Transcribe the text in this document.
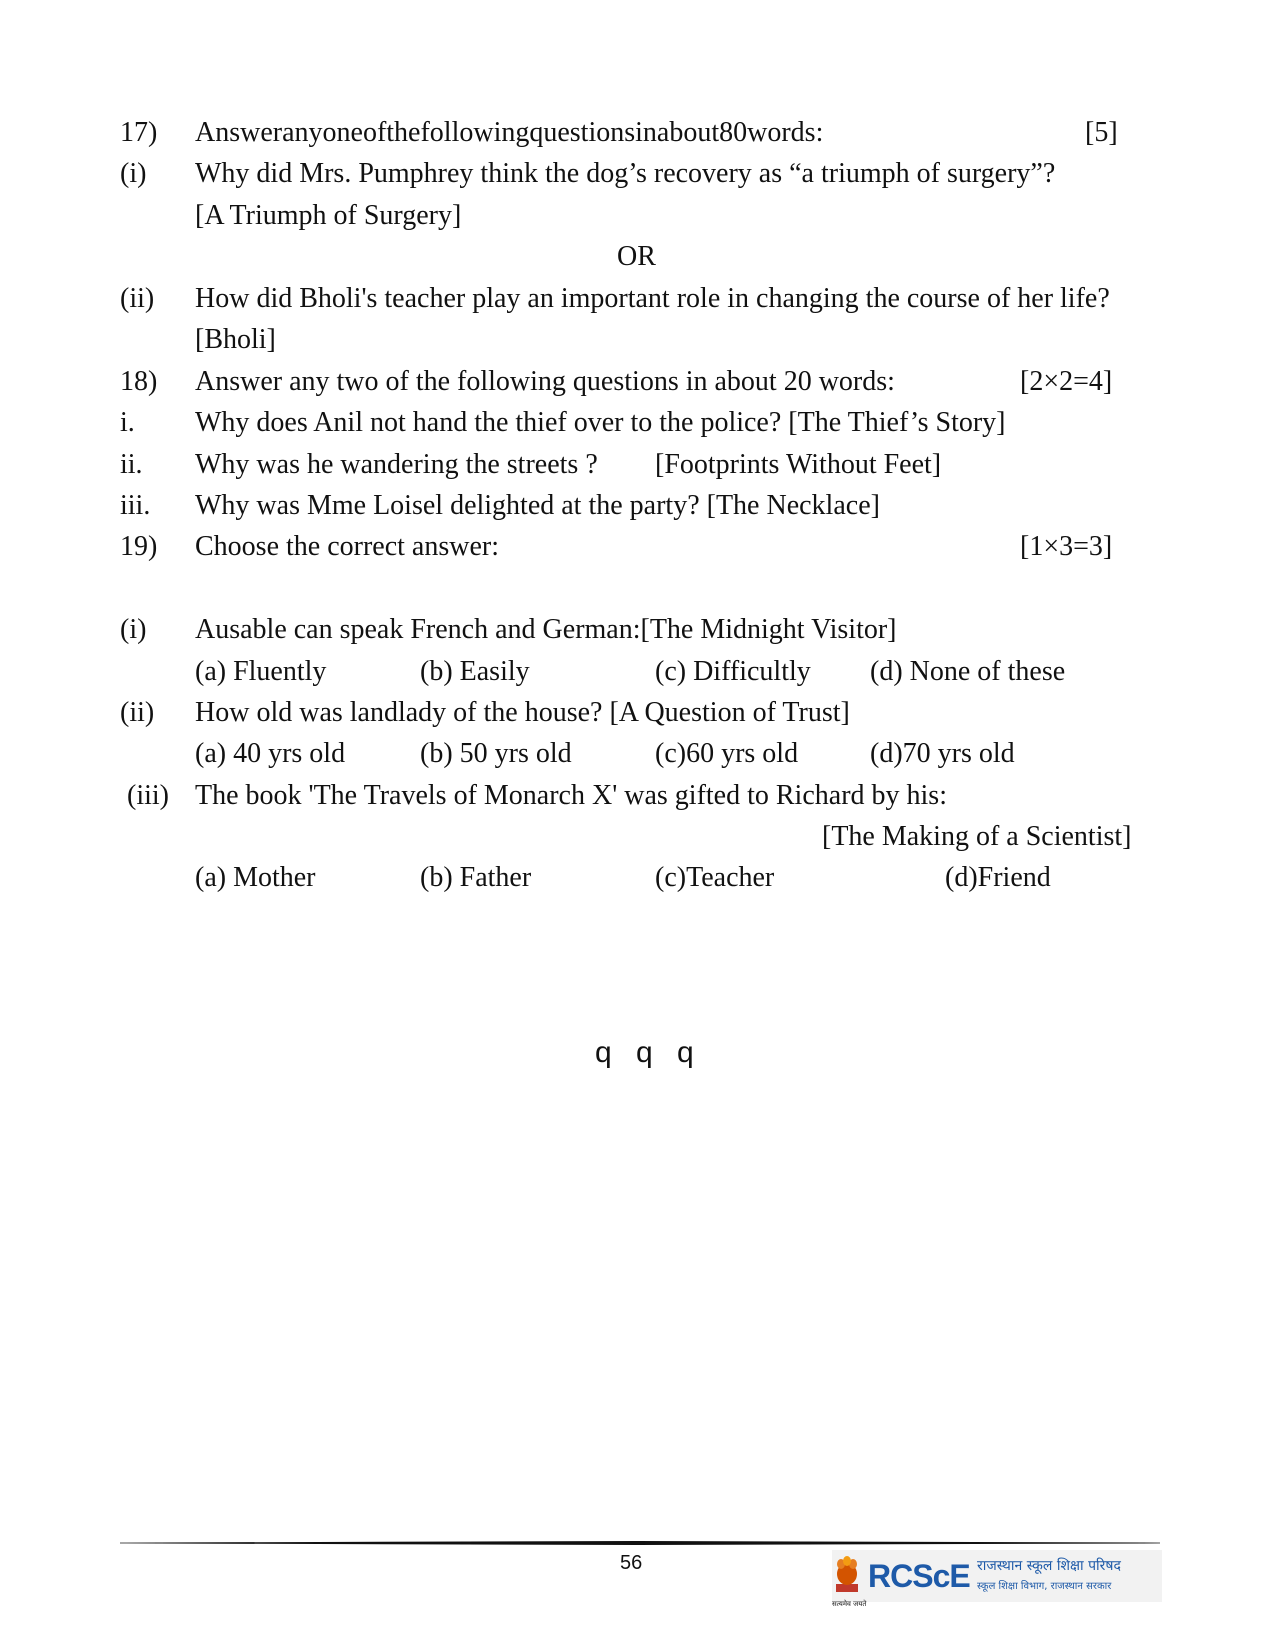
17) Answeranyoneofthefollowingquestionsinabout80words:	[5]
(i) Why did Mrs. Pumphrey think the dog’s recovery as “a triumph of surgery”?
[A Triumph of Surgery]
OR
(ii) How did Bholi's teacher play an important role in changing the course of her life?
[Bholi]
18) Answer any two of the following questions in about 20 words:	[2×2=4]
i. Why does Anil not hand the thief over to the police? [The Thief’s Story]
ii. Why was he wandering the streets ? [Footprints Without Feet]
iii. Why was Mme Loisel delighted at the party? [The Necklace]
19) Choose the correct answer:	[1×3=3]
(i) Ausable can speak French and German:[The Midnight Visitor]
(a) Fluently	(b) Easily	(c) Difficultly (d) None of these
(ii) How old was landlady of the house? [A Question of Trust]
(a) 40 yrs old	(b) 50 yrs old	(c)60 yrs old	(d)70 yrs old
(iii) The book 'The Travels of Monarch X' was gifted to Richard by his:
[The Making of a Scientist]
(a) Mother	(b) Father	(c)Teacher	(d)Friend
q q q
56
सत्यमेव जयते
RCScE राजस्थान स्कूल शिक्षा परिषद
स्कूल शिक्षा विभाग, राजस्थान सरकार
